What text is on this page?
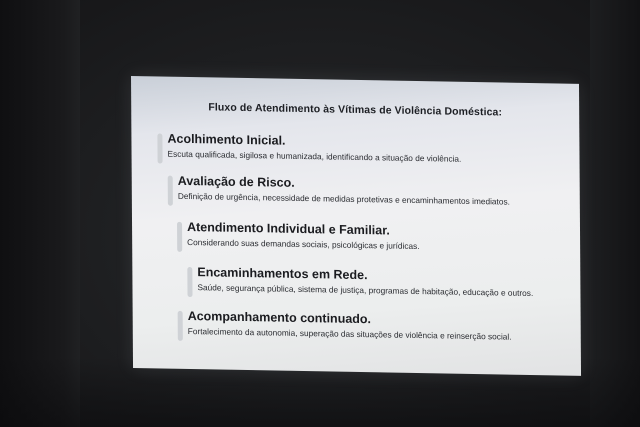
Fluxo de Atendimento às Vítimas de Violência Doméstica:
Acolhimento Inicial.
Escuta qualificada, sigilosa e humanizada, identificando a situação de violência.
Avaliação de Risco.
Definição de urgência, necessidade de medidas protetivas e encaminhamentos imediatos.
Atendimento Individual e Familiar.
Considerando suas demandas sociais, psicológicas e jurídicas.
Encaminhamentos em Rede.
Saúde, segurança pública, sistema de justiça, programas de habitação, educação e outros.
Acompanhamento continuado.
Fortalecimento da autonomia, superação das situações de violência e reinserção social.
